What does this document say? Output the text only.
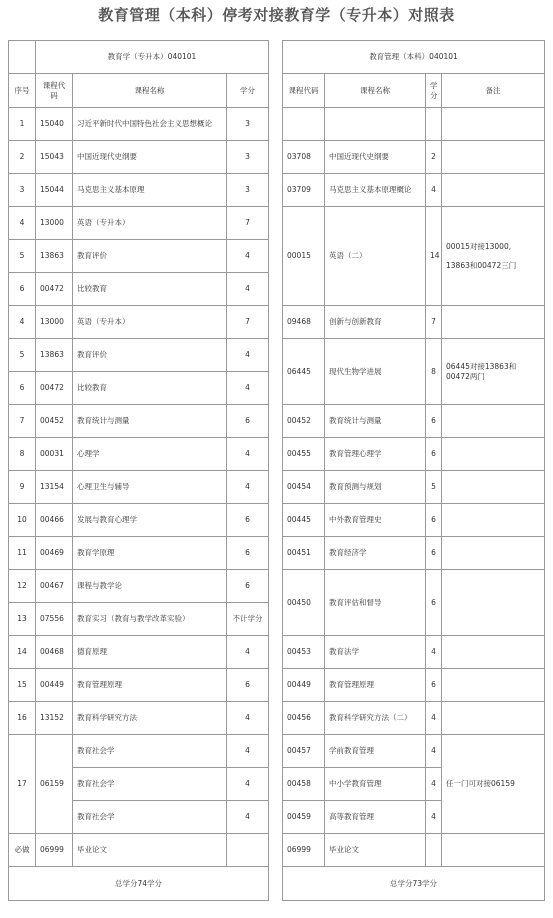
教育管理（本科）停考对接教育学（专升本）对照表
	教育学（专升本）040101				教育管理（本科）040101			
序号	课程代码	课程名称	学分		课程代码	课程名称	学分	备注
1	15040	习近平新时代中国特色社会主义思想概论	3					
2	15043	中国近现代史纲要	3		03708	中国近现代史纲要	2	
3	15044	马克思主义基本原理	3		03709	马克思主义基本原理概论	4	
4	13000	英语（专升本）	7		00015	英语（二）	14	00015对接13000,
13863和00472三门

5	13863	教育评价	4					
6	00472	比较教育	4					
4	13000	英语（专升本）	7		09468	创新与创新教育	7	
5	13863	教育评价	4		06445	现代生物学进展	8	06445对接13863和00472两门
6	00472	比较教育	4					
7	00452	教育统计与测量	6		00452	教育统计与测量	6	
8	00031	心理学	4		00455	教育管理心理学	6	
9	13154	心理卫生与辅导	4		00454	教育预测与规划	5	
10	00466	发展与教育心理学	6		00445	中外教育管理史	6	
11	00469	教育学原理	6		00451	教育经济学	6	
12	00467	课程与教学论	6		00450	教育评估和督导	6	
13	07556	教育实习（教育与教学改革实验）	不计学分					
14	00468	德育原理	4		00453	教育法学	4	
15	00449	教育管理原理	6		00449	教育管理原理	6	
16	13152	教育科学研究方法	4		00456	教育科学研究方法（二）	4	
17	06159	教育社会学	4		00457	学前教育管理	4	任一门可对接06159
		教育社会学	4		00458	中小学教育管理	4	
		教育社会学	4		00459	高等教育管理	4	
必做	06999	毕业论文			06999	毕业论文		
总学分74学分					总学分73学分			
